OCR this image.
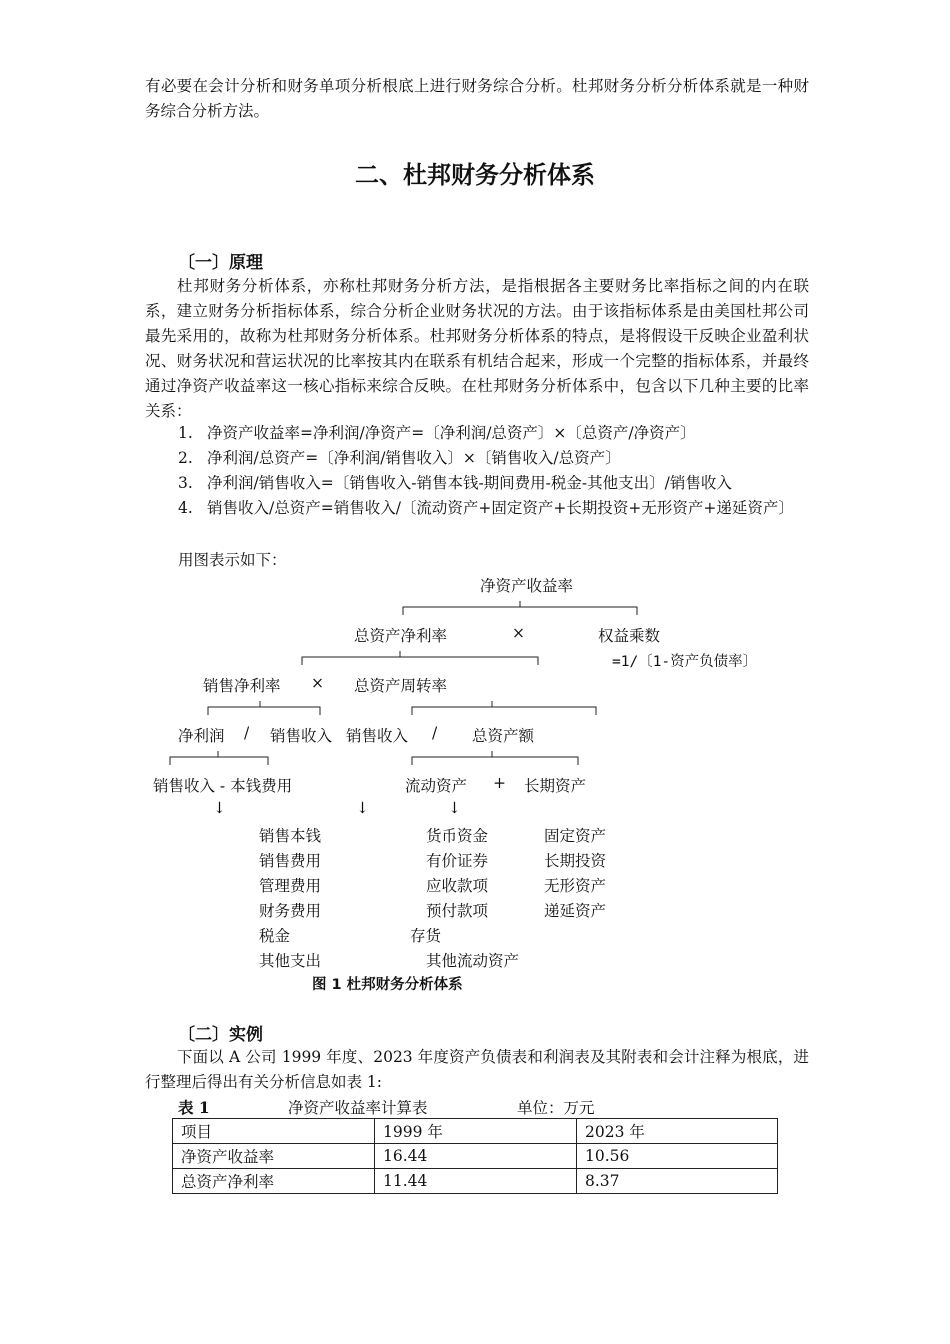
有必要在会计分析和财务单项分析根底上进行财务综合分析。杜邦财务分析分析体系就是一种财务综合分析方法。
二、杜邦财务分析体系
〔一〕原理
杜邦财务分析体系，亦称杜邦财务分析方法，是指根据各主要财务比率指标之间的内在联系，建立财务分析指标体系，综合分析企业财务状况的方法。由于该指标体系是由美国杜邦公司最先采用的，故称为杜邦财务分析体系。杜邦财务分析体系的特点，是将假设干反映企业盈利状况、财务状况和营运状况的比率按其内在联系有机结合起来，形成一个完整的指标体系，并最终通过净资产收益率这一核心指标来综合反映。在杜邦财务分析体系中，包含以下几种主要的比率关系：
1. 净资产收益率=净利润/净资产=〔净利润/总资产〕×〔总资产/净资产〕
2. 净利润/总资产=〔净利润/销售收入〕×〔销售收入/总资产〕
3. 净利润/销售收入=〔销售收入-销售本钱-期间费用-税金-其他支出〕/销售收入
4. 销售收入/总资产=销售收入/〔流动资产+固定资产+长期投资+无形资产+递延资产〕
用图表示如下：
净资产收益率
总资产净利率	×	权益乘数
=1/〔1-资产负债率〕
销售净利率 × 总资产周转率
净利润 / 销售收入 销售收入 / 总资产额
销售收入 - 本钱费用	流动资产 + 长期资产
↓	↓	↓
销售本钱
销售费用
管理费用
财务费用
税金
其他支出
货币资金
有价证券
应收款项
预付款项
存货
其他流动资产
固定资产
长期投资
无形资产
递延资产
图 1 杜邦财务分析体系
〔二〕实例
下面以 A 公司 1999 年度、2023 年度资产负债表和利润表及其附表和会计注释为根底，进行整理后得出有关分析信息如表 1:
表 1	净资产收益率计算表	单位：万元
项目	1999 年	2023 年
净资产收益率	16.44	10.56
总资产净利率	11.44	8.37
